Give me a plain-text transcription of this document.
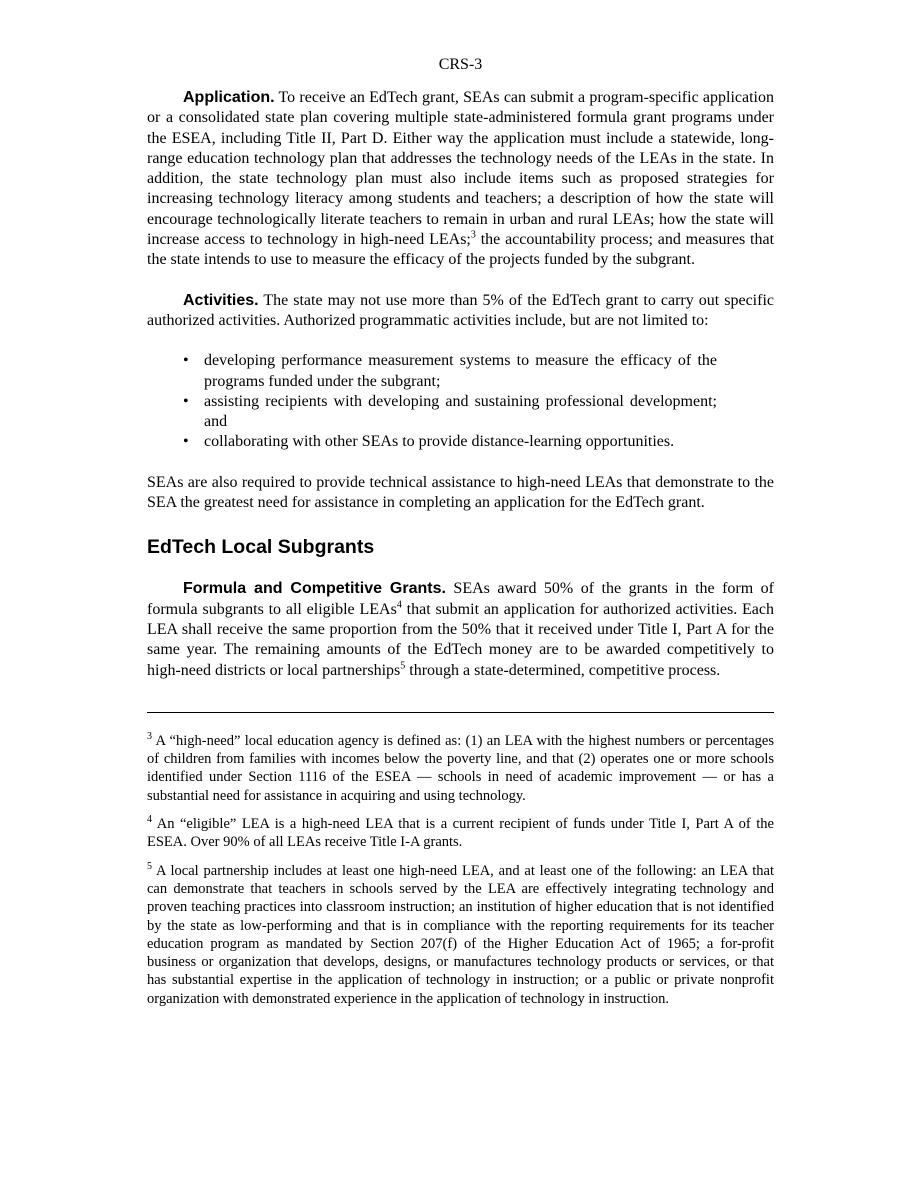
CRS-3

Application. To receive an EdTech grant, SEAs can submit a program-specific application or a consolidated state plan covering multiple state-administered formula grant programs under the ESEA, including Title II, Part D. Either way the application must include a statewide, long-range education technology plan that addresses the technology needs of the LEAs in the state. In addition, the state technology plan must also include items such as proposed strategies for increasing technology literacy among students and teachers; a description of how the state will encourage technologically literate teachers to remain in urban and rural LEAs; how the state will increase access to technology in high-need LEAs;$^3$ the accountability process; and measures that the state intends to use to measure the efficacy of the projects funded by the subgrant.

Activities. The state may not use more than 5% of the EdTech grant to carry out specific authorized activities. Authorized programmatic activities include, but are not limited to:

• developing performance measurement systems to measure the efficacy of the programs funded under the subgrant;
• assisting recipients with developing and sustaining professional development; and
• collaborating with other SEAs to provide distance-learning opportunities.

SEAs are also required to provide technical assistance to high-need LEAs that demonstrate to the SEA the greatest need for assistance in completing an application for the EdTech grant.

EdTech Local Subgrants

Formula and Competitive Grants. SEAs award 50% of the grants in the form of formula subgrants to all eligible LEAs$^4$ that submit an application for authorized activities. Each LEA shall receive the same proportion from the 50% that it received under Title I, Part A for the same year. The remaining amounts of the EdTech money are to be awarded competitively to high-need districts or local partnerships$^5$ through a state-determined, competitive process.

$^3$ A “high-need” local education agency is defined as: (1) an LEA with the highest numbers or percentages of children from families with incomes below the poverty line, and that (2) operates one or more schools identified under Section 1116 of the ESEA — schools in need of academic improvement — or has a substantial need for assistance in acquiring and using technology.

$^4$ An “eligible” LEA is a high-need LEA that is a current recipient of funds under Title I, Part A of the ESEA. Over 90% of all LEAs receive Title I-A grants.

$^5$ A local partnership includes at least one high-need LEA, and at least one of the following: an LEA that can demonstrate that teachers in schools served by the LEA are effectively integrating technology and proven teaching practices into classroom instruction; an institution of higher education that is not identified by the state as low-performing and that is in compliance with the reporting requirements for its teacher education program as mandated by Section 207(f) of the Higher Education Act of 1965; a for-profit business or organization that develops, designs, or manufactures technology products or services, or that has substantial expertise in the application of technology in instruction; or a public or private nonprofit organization with demonstrated experience in the application of technology in instruction.
